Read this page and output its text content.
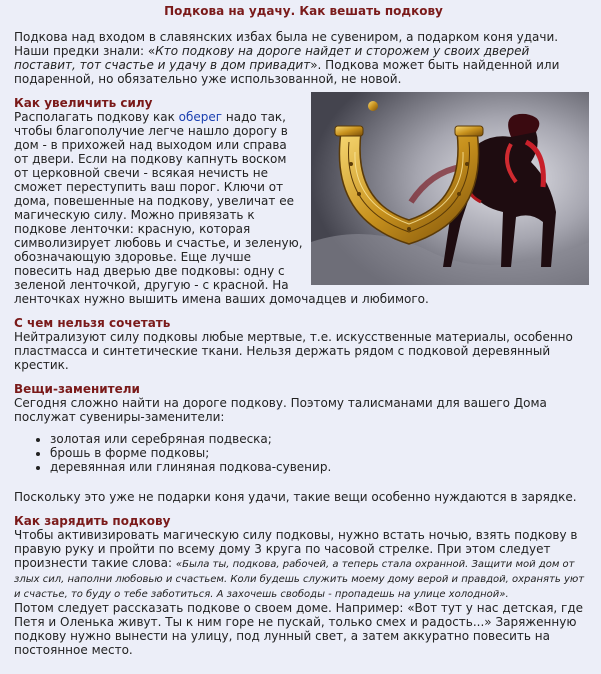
Подкова на удачу. Как вешать подкову

Подкова над входом в славянских избах была не сувениром, а подарком коня удачи. Наши предки знали: «Кто подкову на дороге найдет и сторожем у своих дверей поставит, тот счастье и удачу в дом привадит». Подкова может быть найденной или подаренной, но обязательно уже использованной, не новой.

Как увеличить силу

Располагать подкову как оберег надо так, чтобы благополучие легче нашло дорогу в дом - в прихожей над выходом или справа от двери. Если на подкову капнуть воском от церковной свечи - всякая нечисть не сможет переступить ваш порог. Ключи от дома, повешенные на подкову, увеличат ее магическую силу. Можно привязать к подкове ленточки: красную, которая символизирует любовь и счастье, и зеленую, обозначающую здоровье. Еще лучше повесить над дверью две подковы: одну с зеленой ленточкой, другую - с красной. На ленточках нужно вышить имена ваших домочадцев и любимого.

С чем нельзя сочетать

Нейтрализуют силу подковы любые мертвые, т.е. искусственные материалы, особенно пластмасса и синтетические ткани. Нельзя держать рядом с подковой деревянный крестик.

Вещи-заменители

Сегодня сложно найти на дороге подкову. Поэтому талисманами для вашего Дома послужат сувениры-заменители:

• золотая или серебряная подвеска;
• брошь в форме подковы;
• деревянная или глиняная подкова-сувенир.

Поскольку это уже не подарки коня удачи, такие вещи особенно нуждаются в зарядке.

Как зарядить подкову

Чтобы активизировать магическую силу подковы, нужно встать ночью, взять подкову в правую руку и пройти по всему дому 3 круга по часовой стрелке. При этом следует произнести такие слова: «Была ты, подкова, рабочей, а теперь стала охранной. Защити мой дом от злых сил, наполни любовью и счастьем. Коли будешь служить моему дому верой и правдой, охранять уют и счастье, то буду о тебе заботиться. А захочешь свободы - пропадешь на улице холодной».

Потом следует рассказать подкове о своем доме. Например: «Вот тут у нас детская, где Петя и Оленька живут. Ты к ним горе не пускай, только смех и радость...» Заряженную подкову нужно вынести на улицу, под лунный свет, а затем аккуратно повесить на постоянное место.
